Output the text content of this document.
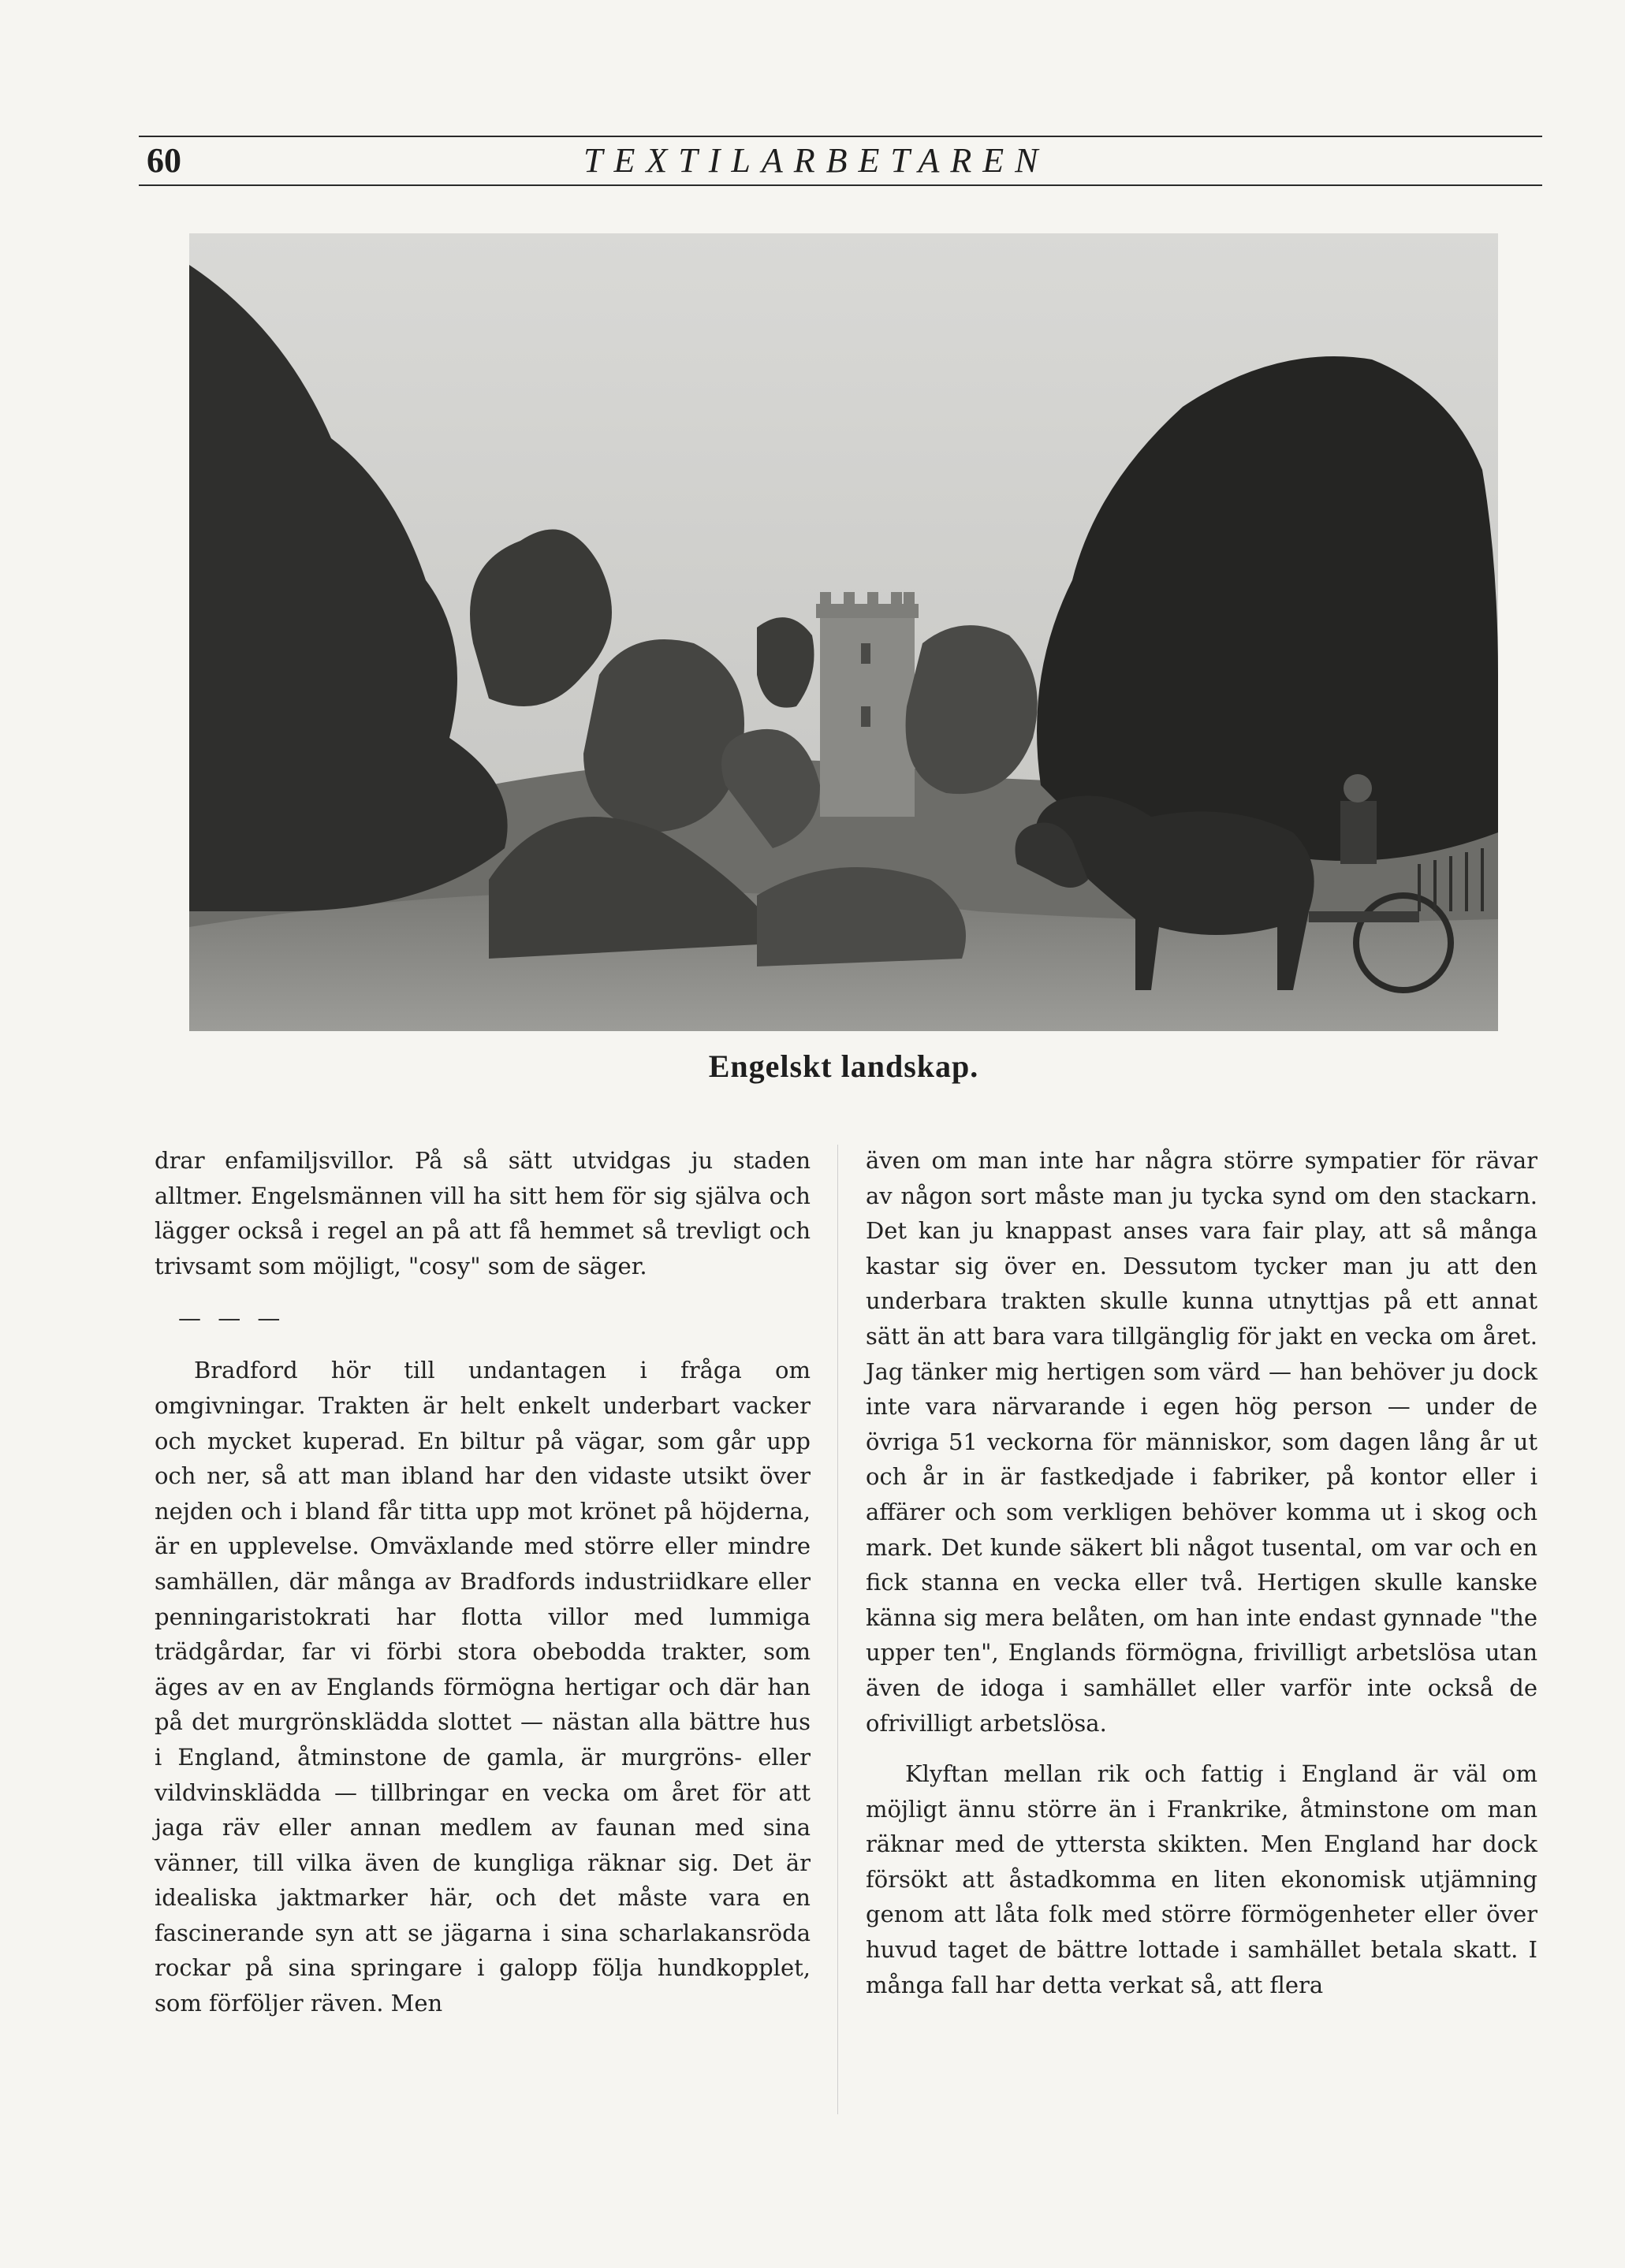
60	TEXTILARBETAREN
Engelskt landskap.

drar enfamiljsvillor. På så sätt utvidgas ju staden alltmer. Engelsmännen vill ha sitt hem för sig själva och lägger också i regel an på att få hemmet så trevligt och trivsamt som möjligt, "cosy" som de säger.

— — —

Bradford hör till undantagen i fråga om omgivningar. Trakten är helt enkelt underbart vacker och mycket kuperad. En biltur på vägar, som går upp och ner, så att man ibland har den vidaste utsikt över nejden och i bland får titta upp mot krönet på höjderna, är en upplevelse. Omväxlande med större eller mindre samhällen, där många av Bradfords industriidkare eller penningaristokrati har flotta villor med lummiga trädgårdar, far vi förbi stora obebodda trakter, som äges av en av Englands förmögna hertigar och där han på det murgrönsklädda slottet — nästan alla bättre hus i England, åtminstone de gamla, är murgröns- eller vildvinsklädda — tillbringar en vecka om året för att jaga räv eller annan medlem av faunan med sina vänner, till vilka även de kungliga räknar sig. Det är idealiska jaktmarker här, och det måste vara en fascinerande syn att se jägarna i sina scharlakansröda rockar på sina springare i galopp följa hundkopplet, som förföljer räven. Men

även om man inte har några större sympatier för rävar av någon sort måste man ju tycka synd om den stackarn. Det kan ju knappast anses vara fair play, att så många kastar sig över en. Dessutom tycker man ju att den underbara trakten skulle kunna utnyttjas på ett annat sätt än att bara vara tillgänglig för jakt en vecka om året. Jag tänker mig hertigen som värd — han behöver ju dock inte vara närvarande i egen hög person — under de övriga 51 veckorna för människor, som dagen lång år ut och år in är fastkedjade i fabriker, på kontor eller i affärer och som verkligen behöver komma ut i skog och mark. Det kunde säkert bli något tusental, om var och en fick stanna en vecka eller två. Hertigen skulle kanske känna sig mera belåten, om han inte endast gynnade "the upper ten", Englands förmögna, frivilligt arbetslösa utan även de idoga i samhället eller varför inte också de ofrivilligt arbetslösa.

Klyftan mellan rik och fattig i England är väl om möjligt ännu större än i Frankrike, åtminstone om man räknar med de yttersta skikten. Men England har dock försökt att åstadkomma en liten ekonomisk utjämning genom att låta folk med större förmögenheter eller över huvud taget de bättre lottade i samhället betala skatt. I många fall har detta verkat så, att flera
